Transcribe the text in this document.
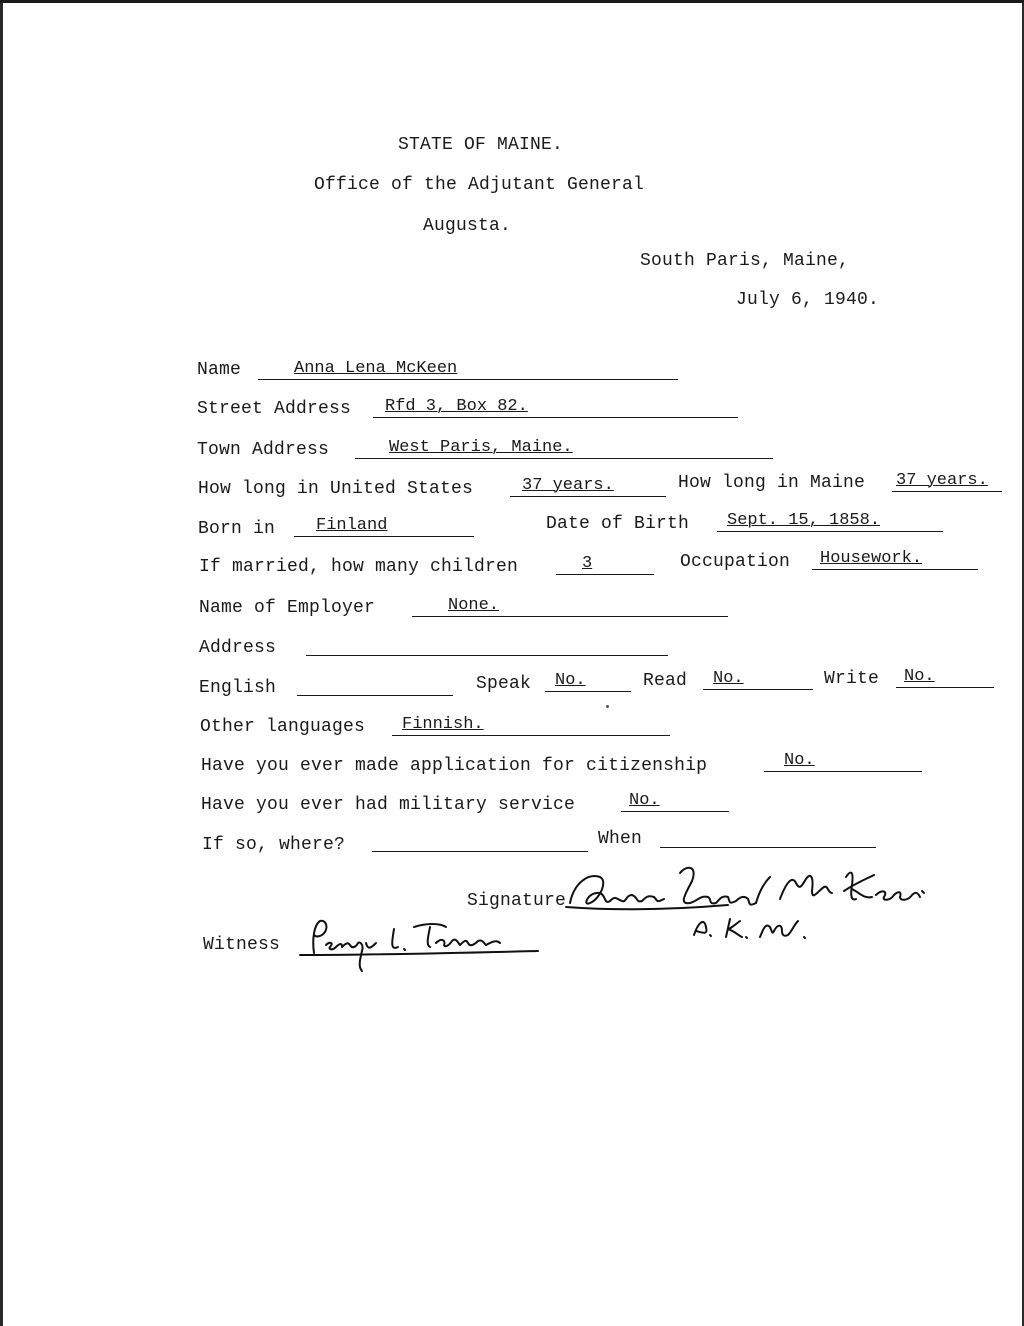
STATE OF MAINE.
Office of the Adjutant General
Augusta.
South Paris, Maine,
July 6, 1940.
Name	Anna Lena McKeen
Street Address	Rfd 3, Box 82.
Town Address	West Paris, Maine.
How long in United States	37 years.	How long in Maine 37 years.
Born in	Finland	Date of Birth	Sept. 15, 1858.
If married, how many children	3	Occupation	Housework.
Name of Employer	None.
Address
English	Speak	No.	Read	No.	Write	No.
Other languages	Finnish.
Have you ever made application for citizenship	No.
Have you ever had military service	No.
If so, where?	When
Signature
Witness
